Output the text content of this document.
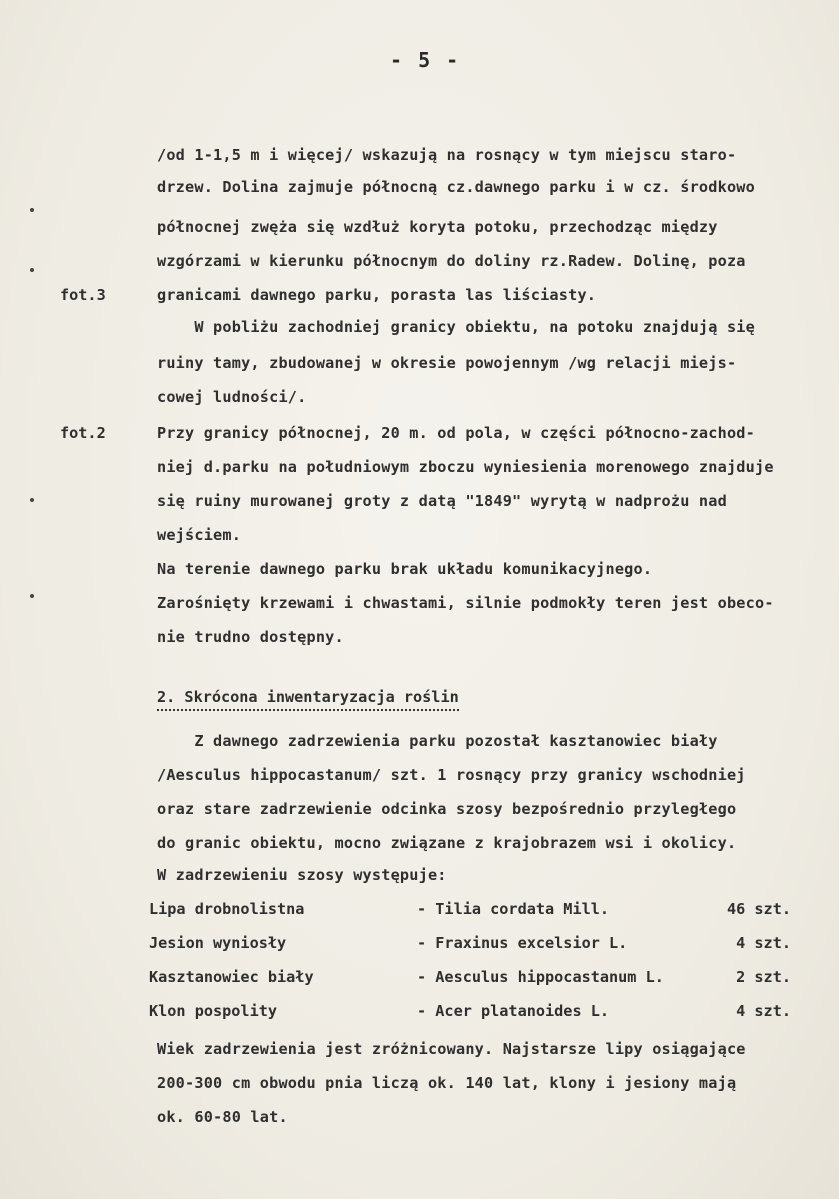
- 5 -
fot.3
fot.2
/od 1-1,5 m i więcej/ wskazują na rosnący w tym miejscu staro-
drzew. Dolina zajmuje północną cz.dawnego parku i w cz. środkowo
północnej zwęża się wzdłuż koryta potoku, przechodząc między
wzgórzami w kierunku północnym do doliny rz.Radew. Dolinę, poza
granicami dawnego parku, porasta las liściasty.
W pobliżu zachodniej granicy obiektu, na potoku znajdują się
ruiny tamy, zbudowanej w okresie powojennym /wg relacji miejs-
cowej ludności/.
Przy granicy północnej, 20 m. od pola, w części północno-zachod-
niej d.parku na południowym zboczu wyniesienia morenowego znajduje
się ruiny murowanej groty z datą "1849" wyrytą w nadprożu nad
wejściem.
Na terenie dawnego parku brak układu komunikacyjnego.
Zarośnięty krzewami i chwastami, silnie podmokły teren jest obeco-
nie trudno dostępny.
2. Skrócona inwentaryzacja roślin
Z dawnego zadrzewienia parku pozostał kasztanowiec biały
/Aesculus hippocastanum/ szt. 1 rosnący przy granicy wschodniej
oraz stare zadrzewienie odcinka szosy bezpośrednio przyległego
do granic obiektu, mocno związane z krajobrazem wsi i okolicy.
W zadrzewieniu szosy występuje:
Lipa drobnolistna	- Tilia cordata Mill.	46 szt.
Jesion wyniosły	- Fraxinus excelsior L.	4 szt.
Kasztanowiec biały	- Aesculus hippocastanum L.	2 szt.
Klon pospolity	- Acer platanoides L.	4 szt.
Wiek zadrzewienia jest zróżnicowany. Najstarsze lipy osiągające
200-300 cm obwodu pnia liczą ok. 140 lat, klony i jesiony mają
ok. 60-80 lat.
